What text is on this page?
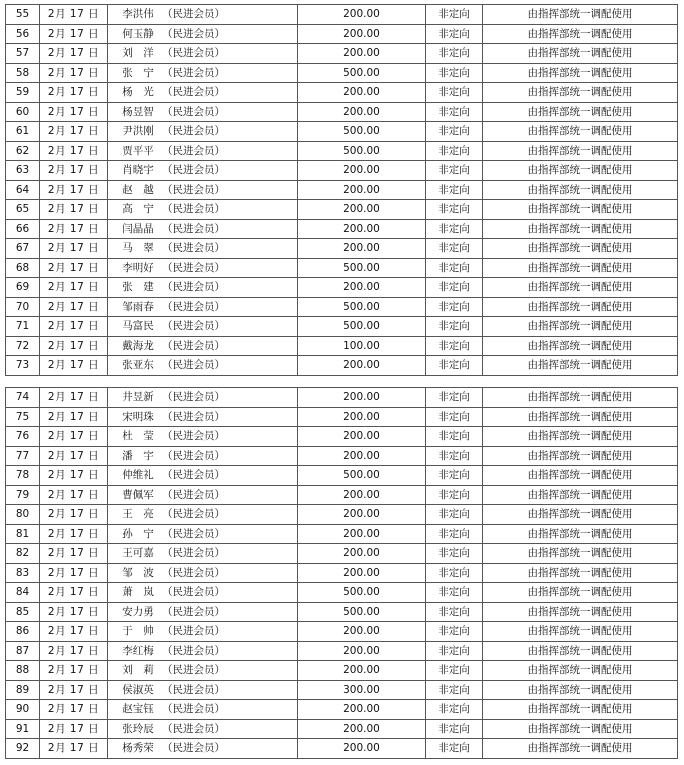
55	2月 17 日	李洪伟 （民进会员）	200.00	非定向	由指挥部统一调配使用
56	2月 17 日	何玉静 （民进会员）	200.00	非定向	由指挥部统一调配使用
57	2月 17 日	刘　洋 （民进会员）	200.00	非定向	由指挥部统一调配使用
58	2月 17 日	张　宁 （民进会员）	500.00	非定向	由指挥部统一调配使用
59	2月 17 日	杨　光 （民进会员）	200.00	非定向	由指挥部统一调配使用
60	2月 17 日	杨昱智 （民进会员）	200.00	非定向	由指挥部统一调配使用
61	2月 17 日	尹洪刚 （民进会员）	500.00	非定向	由指挥部统一调配使用
62	2月 17 日	贾平平 （民进会员）	500.00	非定向	由指挥部统一调配使用
63	2月 17 日	肖晓宇 （民进会员）	200.00	非定向	由指挥部统一调配使用
64	2月 17 日	赵　越 （民进会员）	200.00	非定向	由指挥部统一调配使用
65	2月 17 日	高　宁 （民进会员）	200.00	非定向	由指挥部统一调配使用
66	2月 17 日	闫晶晶 （民进会员）	200.00	非定向	由指挥部统一调配使用
67	2月 17 日	马　翠 （民进会员）	200.00	非定向	由指挥部统一调配使用
68	2月 17 日	李明好 （民进会员）	500.00	非定向	由指挥部统一调配使用
69	2月 17 日	张　建 （民进会员）	200.00	非定向	由指挥部统一调配使用
70	2月 17 日	邹雨春 （民进会员）	500.00	非定向	由指挥部统一调配使用
71	2月 17 日	马富民 （民进会员）	500.00	非定向	由指挥部统一调配使用
72	2月 17 日	戴海龙 （民进会员）	100.00	非定向	由指挥部统一调配使用
73	2月 17 日	张亚东 （民进会员）	200.00	非定向	由指挥部统一调配使用
74	2月 17 日	井昱新 （民进会员）	200.00	非定向	由指挥部统一调配使用
75	2月 17 日	宋明珠 （民进会员）	200.00	非定向	由指挥部统一调配使用
76	2月 17 日	杜　莹 （民进会员）	200.00	非定向	由指挥部统一调配使用
77	2月 17 日	潘　宇 （民进会员）	200.00	非定向	由指挥部统一调配使用
78	2月 17 日	仲维礼 （民进会员）	500.00	非定向	由指挥部统一调配使用
79	2月 17 日	曹佩军 （民进会员）	200.00	非定向	由指挥部统一调配使用
80	2月 17 日	王　亮 （民进会员）	200.00	非定向	由指挥部统一调配使用
81	2月 17 日	孙　宁 （民进会员）	200.00	非定向	由指挥部统一调配使用
82	2月 17 日	王可嘉 （民进会员）	200.00	非定向	由指挥部统一调配使用
83	2月 17 日	邹　波 （民进会员）	200.00	非定向	由指挥部统一调配使用
84	2月 17 日	萧　岚 （民进会员）	500.00	非定向	由指挥部统一调配使用
85	2月 17 日	安力勇 （民进会员）	500.00	非定向	由指挥部统一调配使用
86	2月 17 日	于　帅 （民进会员）	200.00	非定向	由指挥部统一调配使用
87	2月 17 日	李红梅 （民进会员）	200.00	非定向	由指挥部统一调配使用
88	2月 17 日	刘　莉 （民进会员）	200.00	非定向	由指挥部统一调配使用
89	2月 17 日	侯淑英 （民进会员）	300.00	非定向	由指挥部统一调配使用
90	2月 17 日	赵宝钰 （民进会员）	200.00	非定向	由指挥部统一调配使用
91	2月 17 日	张玲辰 （民进会员）	200.00	非定向	由指挥部统一调配使用
92	2月 17 日	杨秀荣 （民进会员）	200.00	非定向	由指挥部统一调配使用
